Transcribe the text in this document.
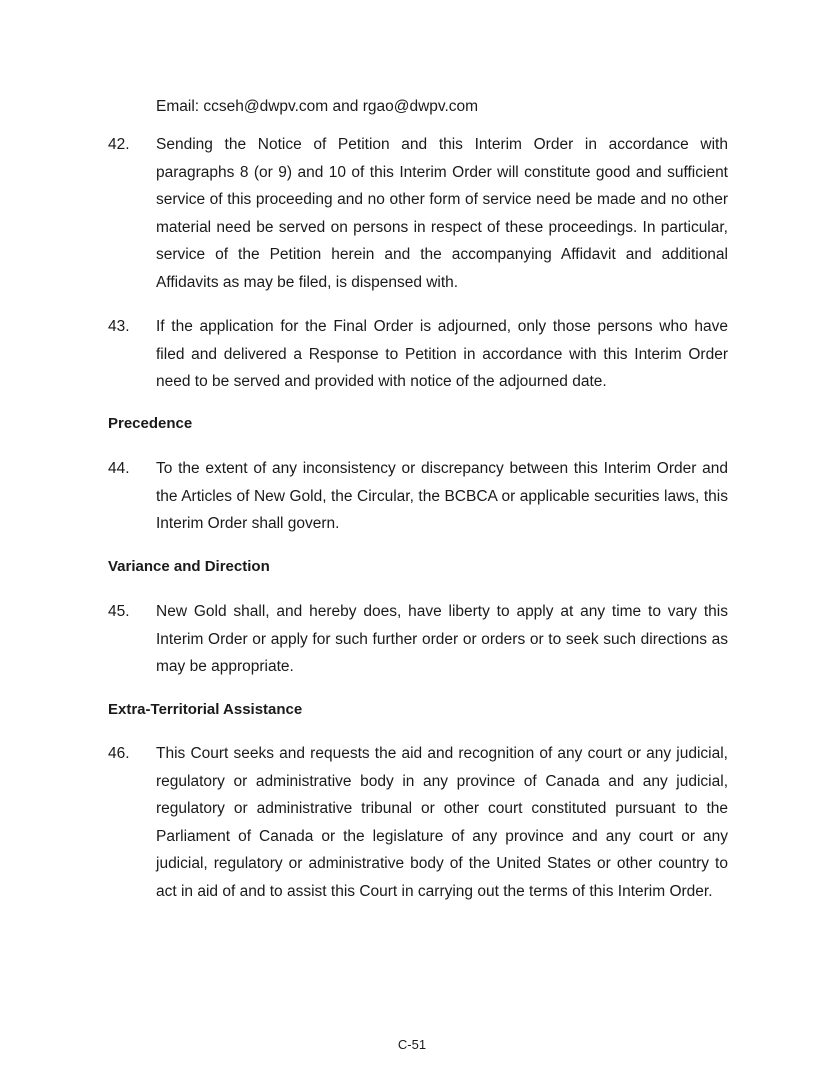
Email: ccseh@dwpv.com and rgao@dwpv.com

42.	Sending the Notice of Petition and this Interim Order in accordance with paragraphs 8 (or 9) and 10 of this Interim Order will constitute good and sufficient service of this proceeding and no other form of service need be made and no other material need be served on persons in respect of these proceedings. In particular, service of the Petition herein and the accompanying Affidavit and additional Affidavits as may be filed, is dispensed with.
43.	If the application for the Final Order is adjourned, only those persons who have filed and delivered a Response to Petition in accordance with this Interim Order need to be served and provided with notice of the adjourned date.
Precedence
44.	To the extent of any inconsistency or discrepancy between this Interim Order and the Articles of New Gold, the Circular, the BCBCA or applicable securities laws, this Interim Order shall govern.
Variance and Direction
45.	New Gold shall, and hereby does, have liberty to apply at any time to vary this Interim Order or apply for such further order or orders or to seek such directions as may be appropriate.
Extra-Territorial Assistance
46.	This Court seeks and requests the aid and recognition of any court or any judicial, regulatory or administrative body in any province of Canada and any judicial, regulatory or administrative tribunal or other court constituted pursuant to the Parliament of Canada or the legislature of any province and any court or any judicial, regulatory or administrative body of the United States or other country to act in aid of and to assist this Court in carrying out the terms of this Interim Order.
C-51
